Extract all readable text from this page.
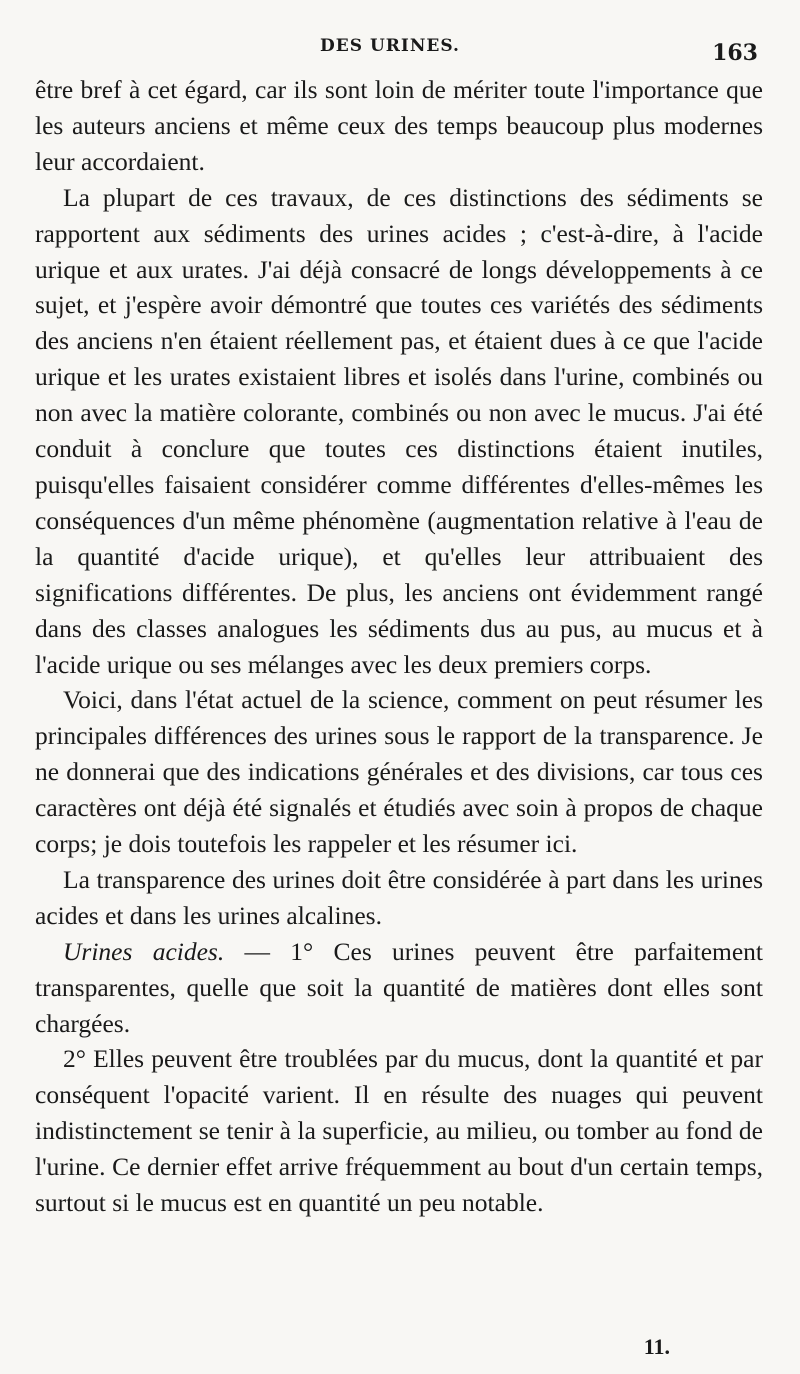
DES URINES.	163

être bref à cet égard, car ils sont loin de mériter toute l'importance que les auteurs anciens et même ceux des temps beaucoup plus modernes leur accordaient.

La plupart de ces travaux, de ces distinctions des sédiments se rapportent aux sédiments des urines acides ; c'est-à-dire, à l'acide urique et aux urates. J'ai déjà consacré de longs développements à ce sujet, et j'espère avoir démontré que toutes ces variétés des sédiments des anciens n'en étaient réellement pas, et étaient dues à ce que l'acide urique et les urates existaient libres et isolés dans l'urine, combinés ou non avec la matière colorante, combinés ou non avec le mucus. J'ai été conduit à conclure que toutes ces distinctions étaient inutiles, puisqu'elles faisaient considérer comme différentes d'elles-mêmes les conséquences d'un même phénomène (augmentation relative à l'eau de la quantité d'acide urique), et qu'elles leur attribuaient des significations différentes. De plus, les anciens ont évidemment rangé dans des classes analogues les sédiments dus au pus, au mucus et à l'acide urique ou ses mélanges avec les deux premiers corps.

Voici, dans l'état actuel de la science, comment on peut résumer les principales différences des urines sous le rapport de la transparence. Je ne donnerai que des indications générales et des divisions, car tous ces caractères ont déjà été signalés et étudiés avec soin à propos de chaque corps; je dois toutefois les rappeler et les résumer ici.

La transparence des urines doit être considérée à part dans les urines acides et dans les urines alcalines.

Urines acides. — 1° Ces urines peuvent être parfaitement transparentes, quelle que soit la quantité de matières dont elles sont chargées.

2° Elles peuvent être troublées par du mucus, dont la quantité et par conséquent l'opacité varient. Il en résulte des nuages qui peuvent indistinctement se tenir à la superficie, au milieu, ou tomber au fond de l'urine. Ce dernier effet arrive fréquemment au bout d'un certain temps, surtout si le mucus est en quantité un peu notable.

11.
